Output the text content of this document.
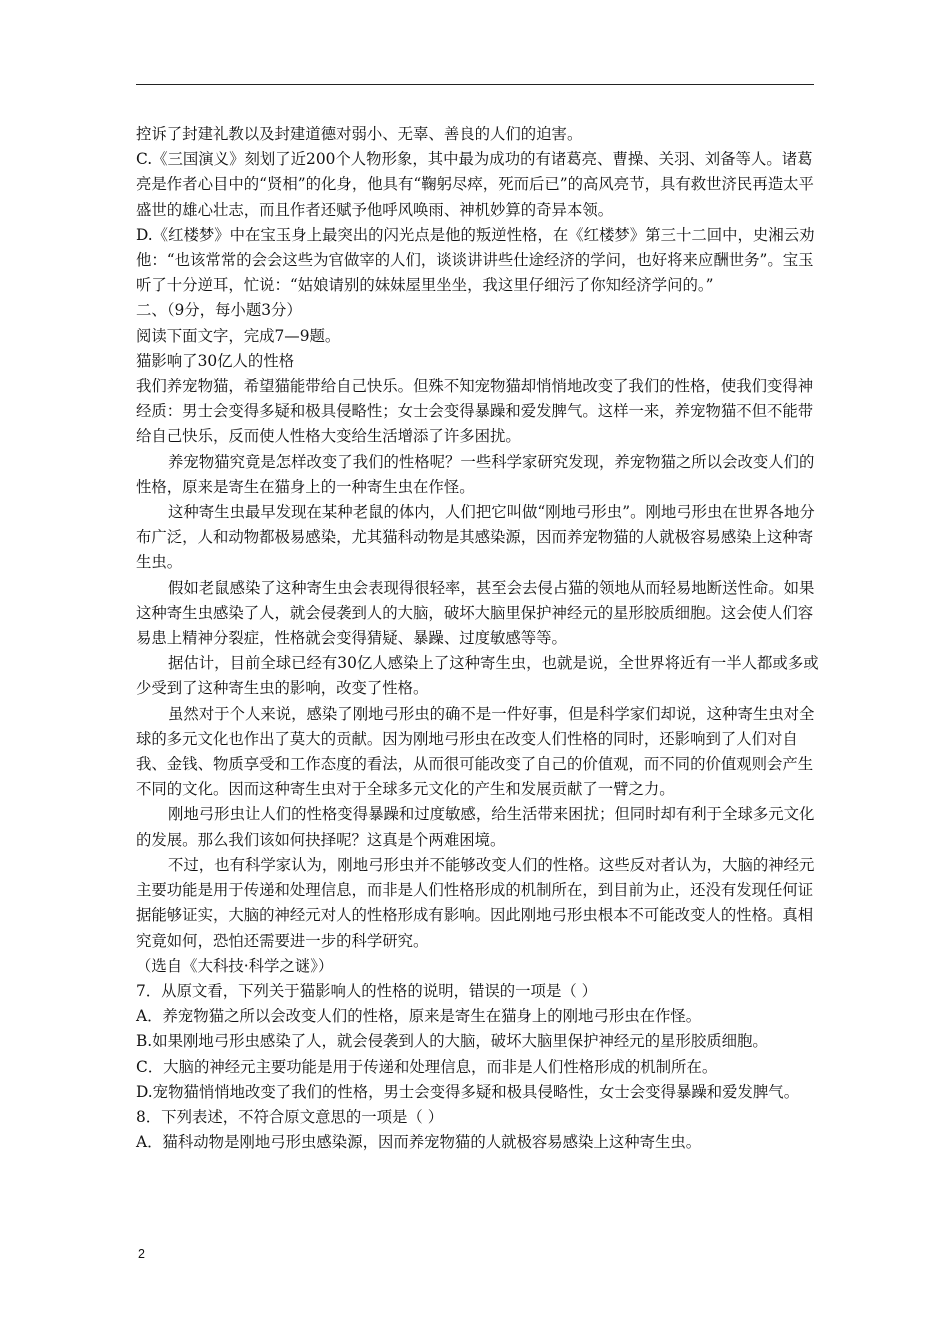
控诉了封建礼教以及封建道德对弱小、无辜、善良的人们的迫害。

C.《三国演义》刻划了近200个人物形象，其中最为成功的有诸葛亮、曹操、关羽、刘备等人。诸葛亮是作者心目中的“贤相”的化身，他具有“鞠躬尽瘁，死而后已”的高风亮节，具有救世济民再造太平盛世的雄心壮志，而且作者还赋予他呼风唤雨、神机妙算的奇异本领。

D.《红楼梦》中在宝玉身上最突出的闪光点是他的叛逆性格，在《红楼梦》第三十二回中，史湘云劝他：“也该常常的会会这些为官做宰的人们，谈谈讲讲些仕途经济的学问，也好将来应酬世务”。宝玉听了十分逆耳，忙说：“姑娘请别的妹妹屋里坐坐，我这里仔细污了你知经济学问的。”

二、（9分，每小题3分）

阅读下面文字，完成7—9题。

猫影响了30亿人的性格

我们养宠物猫，希望猫能带给自己快乐。但殊不知宠物猫却悄悄地改变了我们的性格，使我们变得神经质：男士会变得多疑和极具侵略性；女士会变得暴躁和爱发脾气。这样一来，养宠物猫不但不能带给自己快乐，反而使人性格大变给生活增添了许多困扰。

养宠物猫究竟是怎样改变了我们的性格呢？一些科学家研究发现，养宠物猫之所以会改变人们的性格，原来是寄生在猫身上的一种寄生虫在作怪。

这种寄生虫最早发现在某种老鼠的体内，人们把它叫做“刚地弓形虫”。刚地弓形虫在世界各地分布广泛，人和动物都极易感染，尤其猫科动物是其感染源，因而养宠物猫的人就极容易感染上这种寄生虫。

假如老鼠感染了这种寄生虫会表现得很轻率，甚至会去侵占猫的领地从而轻易地断送性命。如果这种寄生虫感染了人，就会侵袭到人的大脑，破坏大脑里保护神经元的星形胶质细胞。这会使人们容易患上精神分裂症，性格就会变得猜疑、暴躁、过度敏感等等。

据估计，目前全球已经有30亿人感染上了这种寄生虫，也就是说，全世界将近有一半人都或多或少受到了这种寄生虫的影响，改变了性格。

虽然对于个人来说，感染了刚地弓形虫的确不是一件好事，但是科学家们却说，这种寄生虫对全球的多元文化也作出了莫大的贡献。因为刚地弓形虫在改变人们性格的同时，还影响到了人们对自我、金钱、物质享受和工作态度的看法，从而很可能改变了自己的价值观，而不同的价值观则会产生不同的文化。因而这种寄生虫对于全球多元文化的产生和发展贡献了一臂之力。

刚地弓形虫让人们的性格变得暴躁和过度敏感，给生活带来困扰；但同时却有利于全球多元文化的发展。那么我们该如何抉择呢？这真是个两难困境。

不过，也有科学家认为，刚地弓形虫并不能够改变人们的性格。这些反对者认为，大脑的神经元主要功能是用于传递和处理信息，而非是人们性格形成的机制所在，到目前为止，还没有发现任何证据能够证实，大脑的神经元对人的性格形成有影响。因此刚地弓形虫根本不可能改变人的性格。真相究竟如何，恐怕还需要进一步的科学研究。

（选自《大科技·科学之谜》）

7．从原文看，下列关于猫影响人的性格的说明，错误的一项是（ ）

A．养宠物猫之所以会改变人们的性格，原来是寄生在猫身上的刚地弓形虫在作怪。

B.如果刚地弓形虫感染了人，就会侵袭到人的大脑，破坏大脑里保护神经元的星形胶质细胞。

C．大脑的神经元主要功能是用于传递和处理信息，而非是人们性格形成的机制所在。

D.宠物猫悄悄地改变了我们的性格，男士会变得多疑和极具侵略性，女士会变得暴躁和爱发脾气。

8．下列表述，不符合原文意思的一项是（ ）

A．猫科动物是刚地弓形虫感染源，因而养宠物猫的人就极容易感染上这种寄生虫。

2
